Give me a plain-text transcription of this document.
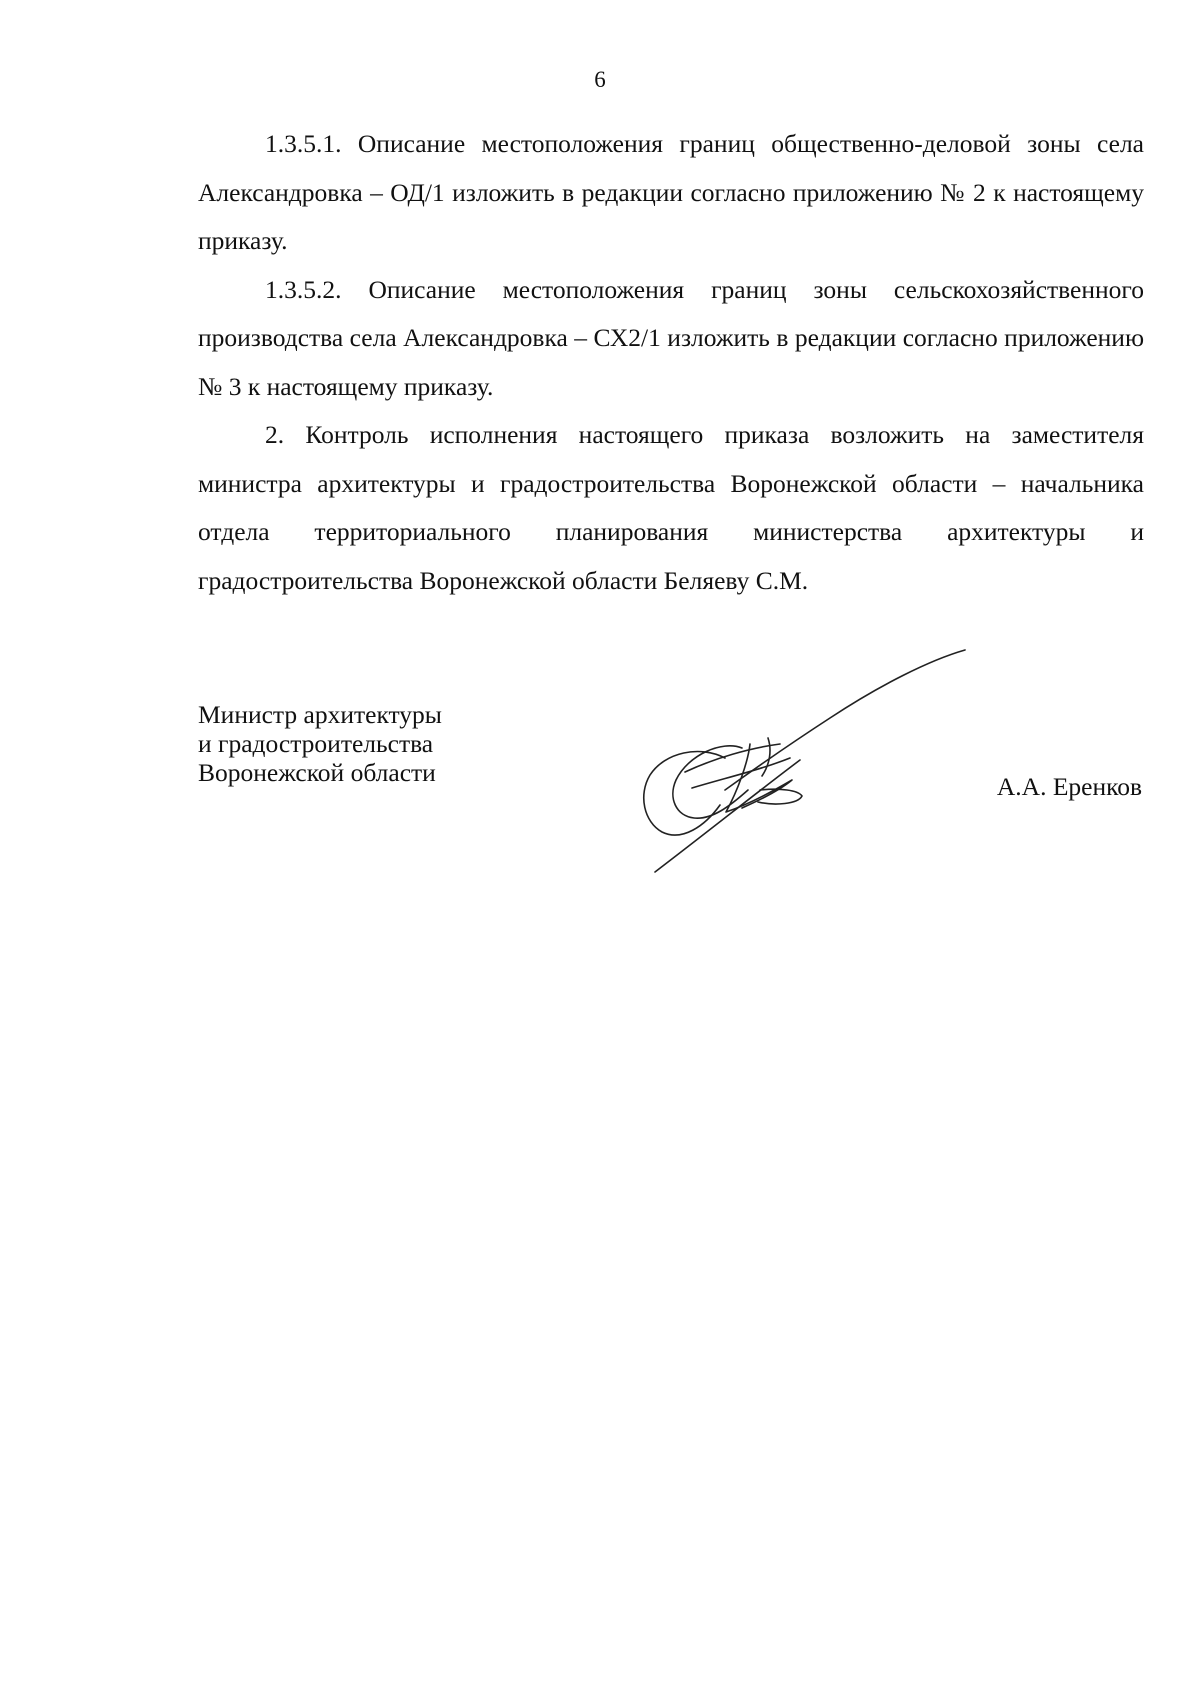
6

1.3.5.1. Описание местоположения границ общественно-деловой зоны села Александровка – ОД/1 изложить в редакции согласно приложению № 2 к настоящему приказу.

1.3.5.2. Описание местоположения границ зоны сельскохозяйственного производства села Александровка – СХ2/1 изложить в редакции согласно приложению № 3 к настоящему приказу.

2. Контроль исполнения настоящего приказа возложить на заместителя министра архитектуры и градостроительства Воронежской области – начальника отдела территориального планирования министерства архитектуры и градостроительства Воронежской области Беляеву С.М.

Министр архитектуры
и градостроительства
Воронежской области	А.А. Еренков
